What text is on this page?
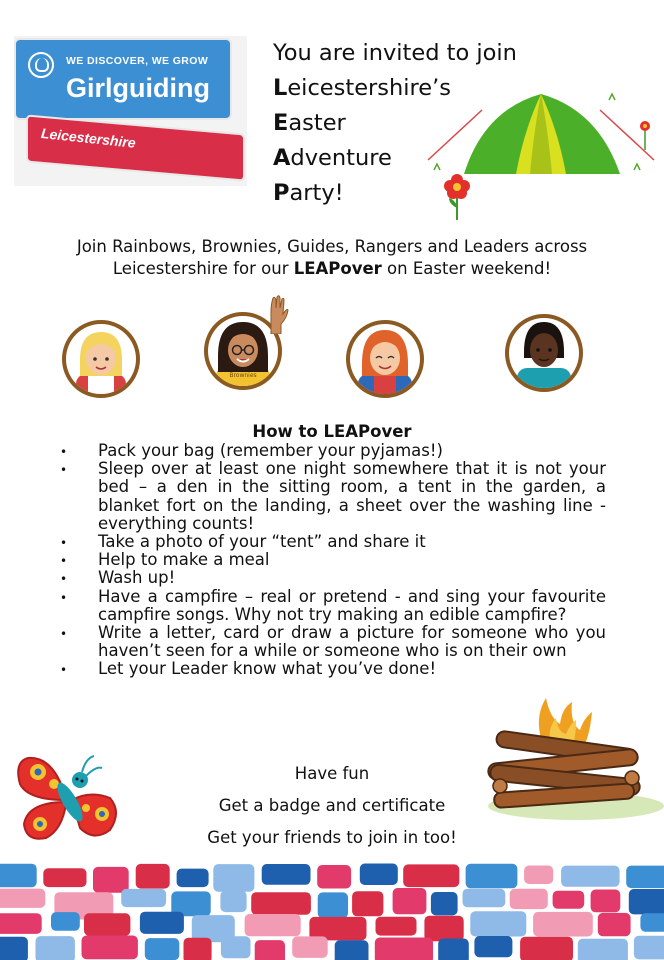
WE DISCOVER, WE GROW
Girlguiding
Leicestershire
You are invited to join
Leicestershire’s
Easter
Adventure
Party!
Join Rainbows, Brownies, Guides, Rangers and Leaders across Leicestershire for our LEAPover on Easter weekend!
Brownies
How to LEAPover
• Pack your bag (remember your pyjamas!)
• Sleep over at least one night somewhere that it is not your bed – a den in the sitting room, a tent in the garden, a blanket fort on the landing, a sheet over the washing line - everything counts!
• Take a photo of your “tent” and share it
• Help to make a meal
• Wash up!
• Have a campfire – real or pretend - and sing your favourite campfire songs. Why not try making an edible campfire?
• Write a letter, card or draw a picture for someone who you haven’t seen for a while or someone who is on their own
• Let your Leader know what you’ve done!
Have fun
Get a badge and certificate
Get your friends to join in too!
